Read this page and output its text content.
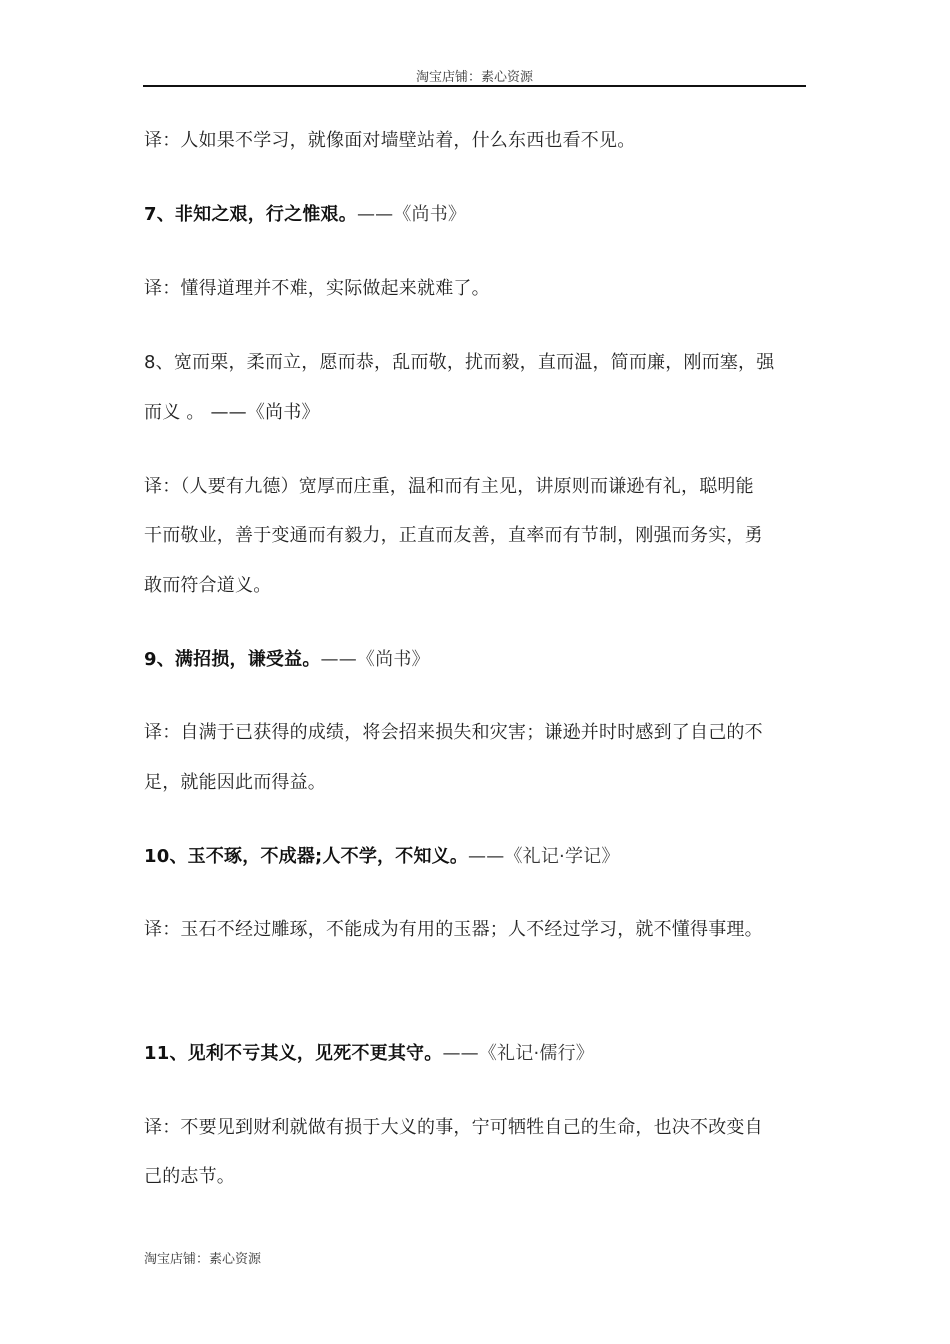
淘宝店铺：素心资源
译：人如果不学习，就像面对墙壁站着，什么东西也看不见。
7、非知之艰，行之惟艰。——《尚书》
译：懂得道理并不难，实际做起来就难了。
8、宽而栗，柔而立，愿而恭，乱而敬，扰而毅，直而温，简而廉，刚而塞，强
而义 。 ——《尚书》
译：（人要有九德）宽厚而庄重，温和而有主见，讲原则而谦逊有礼，聪明能
干而敬业，善于变通而有毅力，正直而友善，直率而有节制，刚强而务实，勇
敢而符合道义。
9、满招损，谦受益。——《尚书》
译：自满于已获得的成绩，将会招来损失和灾害；谦逊并时时感到了自己的不
足，就能因此而得益。
10、玉不琢，不成器;人不学，不知义。——《礼记·学记》
译：玉石不经过雕琢，不能成为有用的玉器；人不经过学习，就不懂得事理。
11、见利不亏其义，见死不更其守。——《礼记·儒行》
译：不要见到财利就做有损于大义的事，宁可牺牲自己的生命，也决不改变自
己的志节。
淘宝店铺：素心资源
